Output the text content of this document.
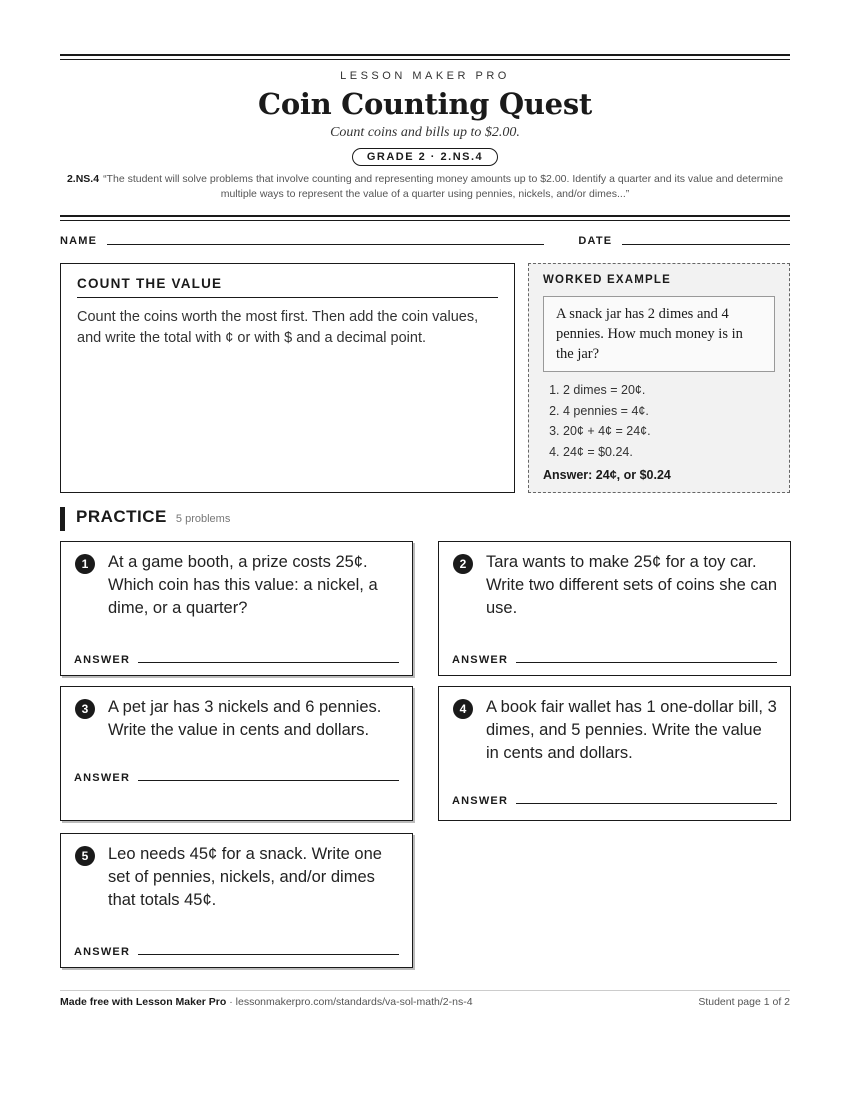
LESSON MAKER PRO
Coin Counting Quest
Count coins and bills up to $2.00.
GRADE 2 · 2.NS.4
2.NS.4 “The student will solve problems that involve counting and representing money amounts up to $2.00. Identify a quarter and its value and determine multiple ways to represent the value of a quarter using pennies, nickels, and/or dimes...”
NAME	DATE
COUNT THE VALUE

Count the coins worth the most first. Then add the coin values, and write the total with ¢ or with $ and a decimal point.

WORKED EXAMPLE
A snack jar has 2 dimes and 4 pennies. How much money is in the jar?
1. 2 dimes = 20¢.
2. 4 pennies = 4¢.
3. 20¢ + 4¢ = 24¢.
4. 24¢ = $0.24.
Answer: 24¢, or $0.24
PRACTICE 5 problems
1	At a game booth, a prize costs 25¢. Which coin has this value: a nickel, a dime, or a quarter?
ANSWER
2	Tara wants to make 25¢ for a toy car. Write two different sets of coins she can use.
ANSWER
3	A pet jar has 3 nickels and 6 pennies. Write the value in cents and dollars.
ANSWER
4	A book fair wallet has 1 one-dollar bill, 3 dimes, and 5 pennies. Write the value in cents and dollars.
ANSWER
5	Leo needs 45¢ for a snack. Write one set of pennies, nickels, and/or dimes that totals 45¢.
ANSWER
Made free with Lesson Maker Pro · lessonmakerpro.com/standards/va-sol-math/2-ns-4	Student page 1 of 2
